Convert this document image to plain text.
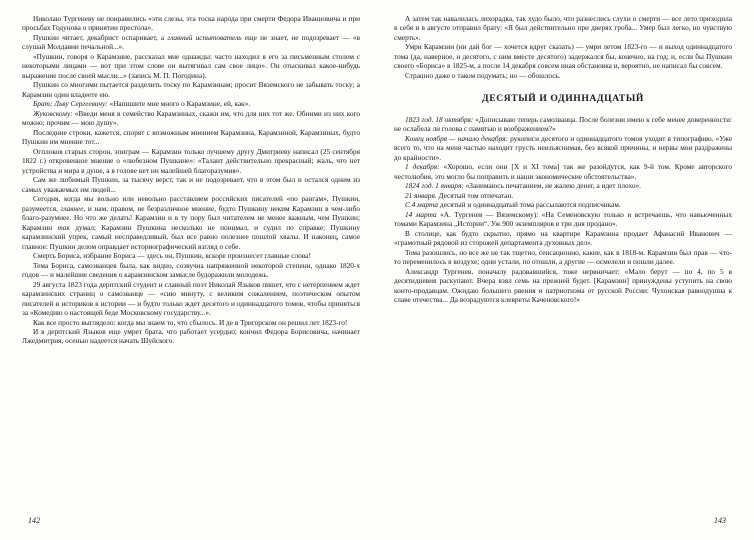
Николаю Тургеневу не понравились «эти слезы, эта тоска народа при смерти Федора Иванновича и при просьбах Годунова о принятии престола».

Пушкин читает, декабрист оспаривает, а главный испытователь еще не знает, не подозревает — «в слушай Молдавии печальной...».

«Пушкин, говоря о Карамзине, рассказал мне однажды: часто находил я его за письменным столом с некоторыми лицами — вот при этом слове он вытягивал сам свое лицо». Он отыскивал какое-нибудь выражение после своей мысли...» (запись М. П. Погодина).

Пушкин со многими пытается разделить тоску по Карамзинам; просит Вяземского не забывать тоску; а Карамзин один владеете ею.

Брат; Льву Сергеевичу: «Напишите мне много о Карамзине, ей, как».

Жуковскому: «Введи меня в семейство Карамзиных, скажи им, что для них тот же. Обними из них кого можно; прочим — мою душу».

Последние строки, кажется, спорят с возможным мнением Карамзина, Карамзиной, Карамзиных, будто Пушкин им мнение тот...

Огплоков старых сторон, эпиграм — Карамзин только лучшему другу Дмитриеву написал (25 сентября 1822 г.) откровенное мнение о «любезном Пушкине»: «Талант действительно прекрасный; жаль, что нет устройства и мира в душе, а в голове нет ни малейшей благоразумия».

Сам же любимый Пушкин, за тысячу верст, так и не подозревает, что в этом был и остался одним из самых уважаемых им людей...

Сегодня, когда мы вольно или невольно расставляем российских писателей «по рангам», Пушкин, разумеется, главнее, и нам, правом, не безразличное мнение, будто Пушкину неким Карамзин в чем-либо благо-разумнее. Но что же делать! Карамзин и в ту пору был читателем не менее важным, чем Пушкин; Карамзин так думал; Карамзин Пушкина несколько не понимал, и судил по справке; Пушкину карамзинский упрек, самый несправедливый, был все равно полезнее пошлой хвалы. И наконец, самое главное: Пушкин делом оправдает историографический взгляд о себе.

Смерть Бориса, избрание Бориса — здесь он, Пушкин, вскоре произнесет главные слова!

Тема Бориса, самозванцев была, как видно, созвучна напряженной некоторой степени, однако 1820-х годов — и малейшие сведения о карамзинском замысле будоражили молодежь.

29 августа 1823 года дерптский студент и славный поэт Николай Языков пишет, что с нетерпением ждет карамзинских страниц о самозванце — «сию минуту, с великим сожалением, поэтическом опытом писателей и историков в истории — и будто только ждет десятого и одиннадцатого томов, чтобы принятьcя за «Комедию о настоящей беде Московскому государству...».

Как все просто выглядело: когда мы знаем то, что сбылось. И де в Тригорском он решил лет 1823-го!

И в дерптский Языков еще умрет брата, что работает усердно; кончил Федора Борисовича, начинает Лжедмитрия, осенью надеется начать Шуйского.

А затем так навалилась лихорадка, так худо было, что разнеслись слухи о смерти — все лето приходила в себя и в августе отправил брату: «Я был действительно при дверях гроба... Умер был легко, но чувствую смерть».

Умри Карамзин (ни дай бог — хочется вдруг сказать) — умри летом 1823-го — и выход одиннадцатого тома (да, наверное, и десятого, с ним вместе десятого) задержался бы, конечно, на год; и, если бы Пушкин своего «Бориса» в 1825-м, а после 14 декабря совсем иная обстановка и, вероятно, не написал бы совсем.

Страшно даже о таком подумать; но — обошлось.

ДЕСЯТЫЙ И ОДИННАДЦАТЫЙ

1823 год. 18 октября: «Дописываю теперь самозванца. После болезни имею к себе менее доверенности: не ослабела ли голова с памятью и воображением?»

Конец ноября — начало декабря: рукописи десятого и одиннадцатого томов уходят в типографию. «Уже всего то, что на меня частью находит грусть неизъяснимая, без всякой причины, и нервы мои раздражены до крайности».

1 декабря: «Хорошо, если они [Х и ХІ тома] так же разойдутся, как 9-й том. Кроме авторского честолюбия, это могло бы поправить и наши экономические обстоятельства».

1824 год. 1 января: «Занимаюсь печатанием, не жалею денег, а идет плохо».

21 января. Десятый том отпечатан.

С 4 марта десятый и одиннадцатый тома рассылаются подписчикам.

14 марта «А. Тургенев — Вяземскому): «На Семеновскую только и встречаешь, что навьюченных томами Карамзина „Истории“. Уж 900 экземпляров в три дня продано».

В столице, как будто скрытно, прямо на квартире Карамзина продает Афанасий Иванович — «грамотный рядовой из сторожей департамента духовных дел».

Тома разошлись, но все же не так тщетно, сенсационно, какие, как в 1818-м. Карамзин был прав — что-то переменилось в воздухе; одни устали, по отошли, а другие — осмелели и пошли далее.

Александр Тургенев, поначалу радовавшийся, тоже нервничает: «Мало берут — по 4, по 5 в десятидневия раскупают. Вчера взял семь на прежней будет. [Карамзин] принуждены уступить на свою конто-продавцам. Ожидаю большего рвения и патриотизма от русской России: Чухонская равнодушна к славе отечества... Да возрадуются клевреты Каченовского!»

142	143
